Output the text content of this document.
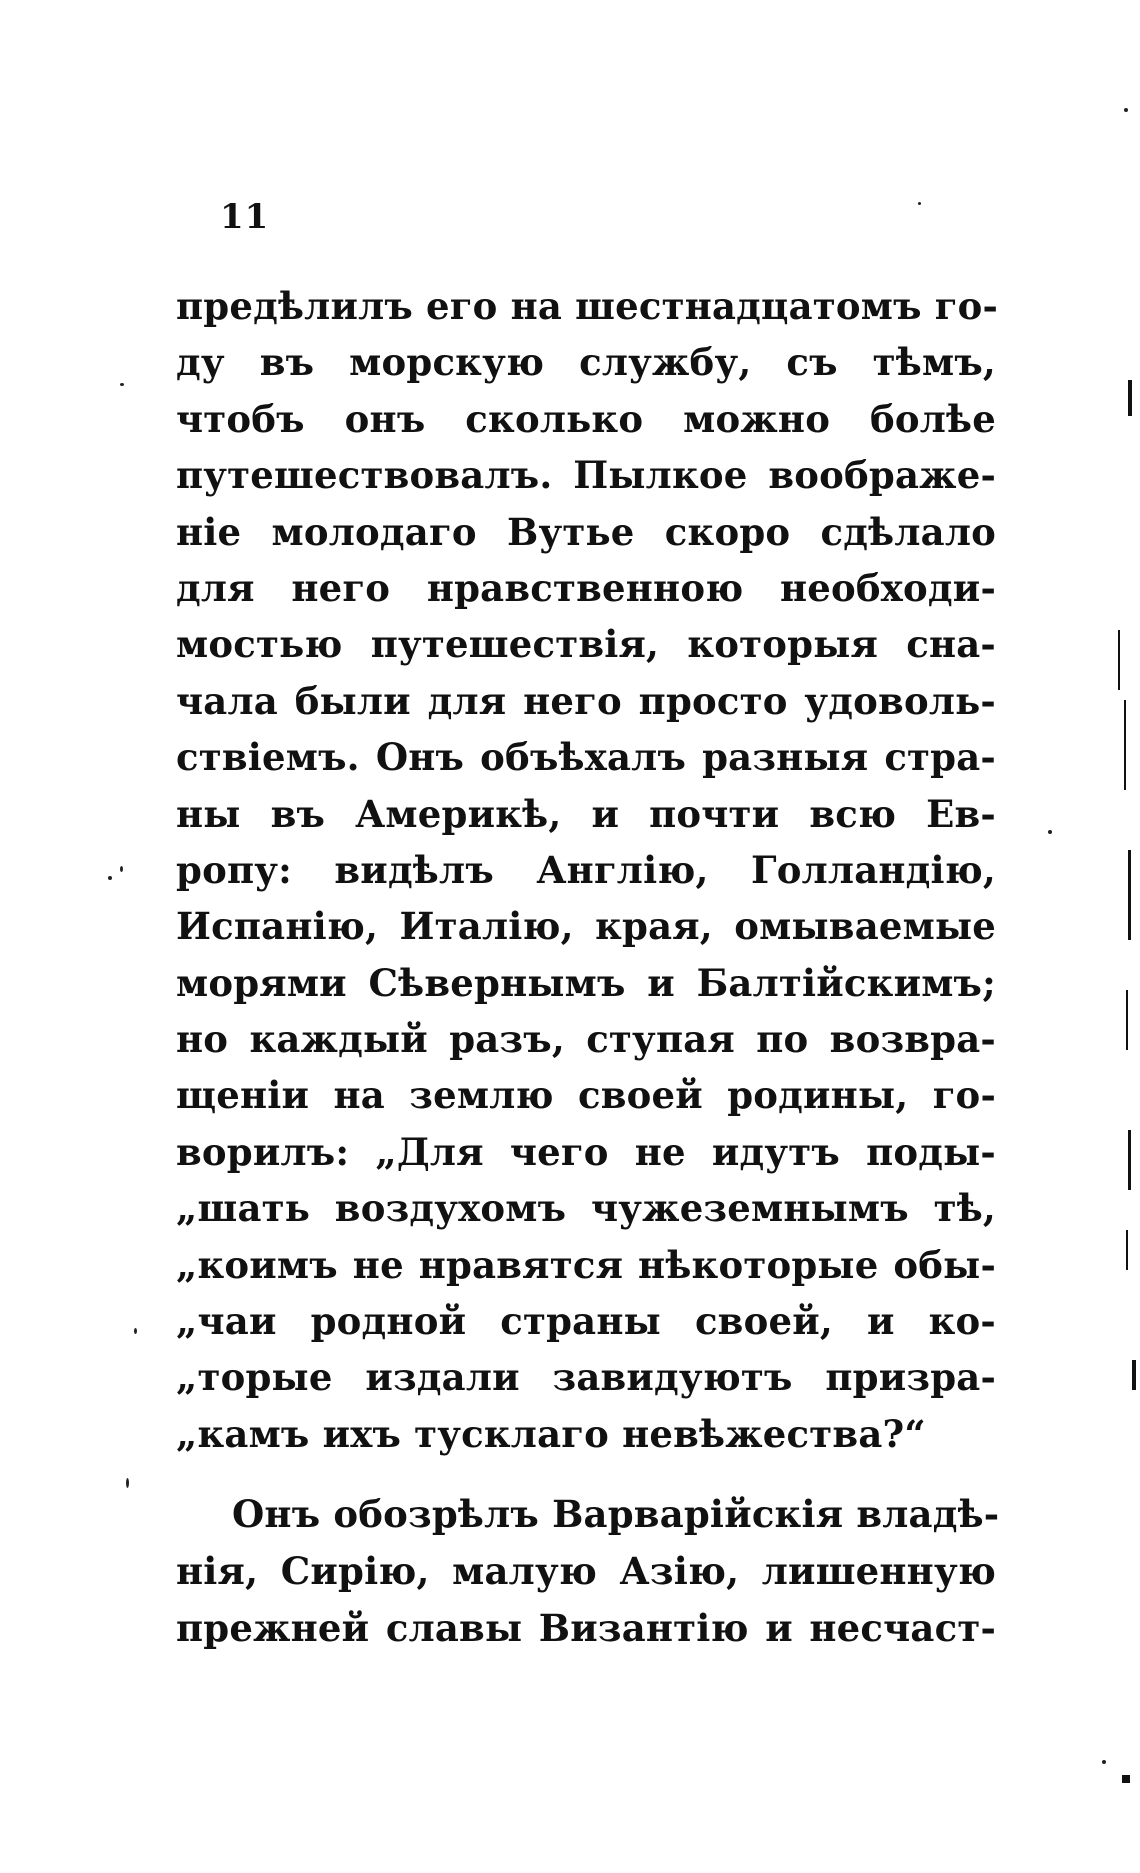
11
предѣлилъ его на шестнадцатомъ го-
ду въ морскую службу, съ тѣмъ,
чтобъ онъ сколько можно болѣе
путешествовалъ. Пылкое воображе-
ніе молодаго Вутье скоро сдѣлало
для него нравственною необходи-
мостью путешествія, которыя сна-
чала были для него просто удоволь-
ствіемъ. Онъ объѣхалъ разныя стра-
ны въ Америкѣ, и почти всю Ев-
ропу: видѣлъ Англію, Голландію,
Испанію, Италію, края, омываемые
морями Сѣвернымъ и Балтійскимъ;
но каждый разъ, ступая по возвра-
щеніи на землю своей родины, го-
ворилъ: „Для чего не идутъ поды-
„шать воздухомъ чужеземнымъ тѣ,
„коимъ не нравятся нѣкоторые обы-
„чаи родной страны своей, и ко-
„торые издали завидуютъ призра-
„камъ ихъ тусклаго невѣжества?“
Онъ обозрѣлъ Варварійскія владѣ-
нія, Сирію, малую Азію, лишенную
прежней славы Византію и несчаст-
